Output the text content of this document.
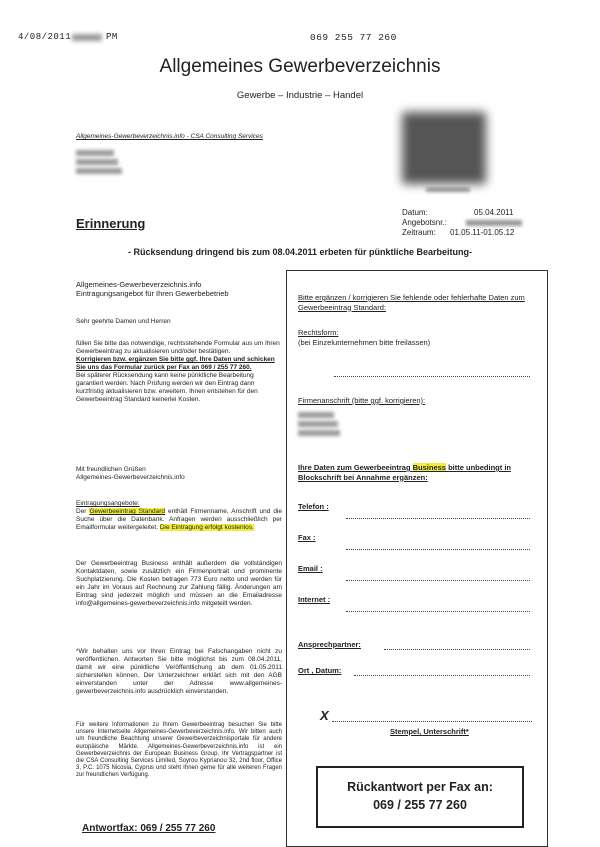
4/08/2011	PM	069 255 77 260
Allgemeines Gewerbeverzeichnis
Gewerbe – Industrie – Handel
Allgemeines-Gewerbeverzeichnis.info - CSA Consulting Services
Datum:	05.04.2011
Angebotsnr.:
Zeitraum: 01.05.11-01.05.12
Erinnerung
- Rücksendung dringend bis zum 08.04.2011 erbeten für pünktliche Bearbeitung-

Allgemeines-Gewerbeverzeichnis.info

Eintragungsangebot für Ihren Gewerbebetrieb

Sehr geehrte Damen und Herren

füllen Sie bitte das notwendige, rechtsstehende Formular aus um Ihren Gewerbeeintrag zu aktualisieren und/oder bestätigen.

Korrigieren bzw. ergänzen Sie bitte ggf. Ihre Daten und schicken Sie uns das Formular zurück per Fax an 069 / 255 77 260.

Bei späterer Rücksendung kann keine pünktliche Bearbeitung garantiert werden. Nach Prüfung werden wir den Eintrag dann kurzfristig aktualisieren bzw. erweitern. Ihnen entstehen für den Gewerbeeintrag Standard keinerlei Kosten.

Mit freundlichen Grüßen

Allgemeines-Gewerbeverzeichnis.info

Eintragungsangebote:

Der Gewerbeeintrag Standard enthält Firmenname, Anschrift und die Suche über die Datenbank. Anfragen werden ausschließlich per Emailformular weitergeleitet. Die Eintragung erfolgt kostenlos.

Der Gewerbeeintrag Business enthält außerdem die vollständigen Kontaktdaten, sowie zusätzlich ein Firmenportrait und prominente Suchplatzierung. Die Kosten betragen 773 Euro netto und werden für ein Jahr im Voraus auf Rechnung zur Zahlung fällig. Änderungen am Eintrag sind jederzeit möglich und müssen an die Emailadresse info@allgemeines-gewerbeverzeichnis.info mitgeteilt werden.
*Wir behalten uns vor Ihren Eintrag bei Falschangaben nicht zu veröffentlichen. Antworten Sie bitte möglichst bis zum 08.04.2011, damit wir eine pünktliche Veröffentlichung ab dem 01.05.2011 sicherstellen können. Der Unterzeichner erklärt sich mit den AGB einverstanden unter der Adresse www.allgemeines-gewerbeverzeichnis.info ausdrücklich einverstanden.
Für weitere Informationen zu Ihrem Gewerbeeintrag besuchen Sie bitte unsere Internetseite Allgemeines-Gewerbeverzeichnis.info. Wir bitten auch um freundliche Beachtung unserer Gewerbeverzeichnisportale für andere europäische Märkte. Allgemeines-Gewerbeverzeichnis.info ist ein Gewerbeverzeichnis der European Business Group. Ihr Vertragspartner ist die CSA Consulting Services Limited, Soyrou Kyprianou 32, 2nd floor, Office 3, P.C. 1075 Nicosia, Cyprus und steht Ihnen gerne für alle weiteren Fragen zur freundlichen Verfügung.
Antwortfax: 069 / 255 77 260
Bitte ergänzen / korrigieren Sie fehlende oder fehlerhafte Daten zum Gewerbeeintrag Standard:
Rechtsform:
(bei Einzelunternehmen bitte freilassen)
Firmenanschrift (bitte ggf. korrigieren):
Ihre Daten zum Gewerbeeintrag Business bitte unbedingt in Blockschrift bei Annahme ergänzen:
Telefon :
Fax :
Email :
Internet :
Ansprechpartner:
Ort , Datum:
X
Stempel, Unterschrift*
Rückantwort per Fax an:
069 / 255 77 260
